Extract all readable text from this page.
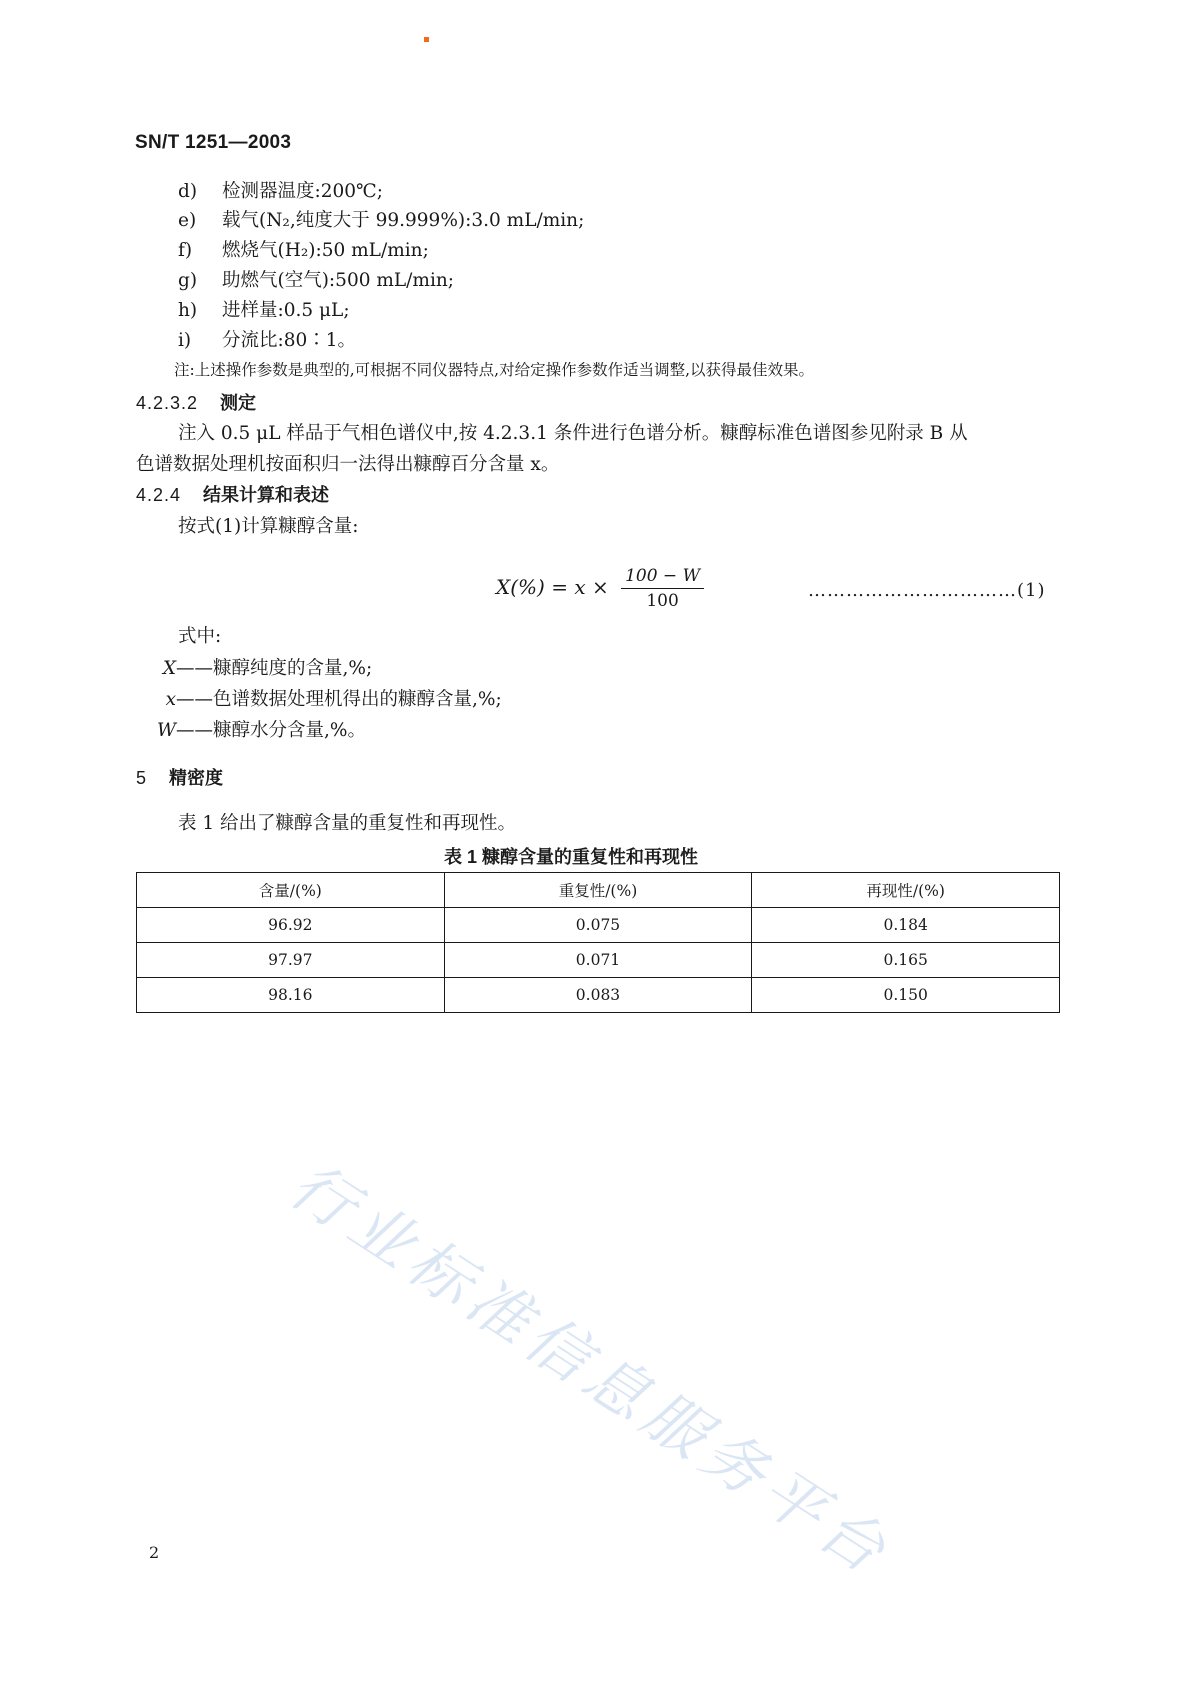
SN/T 1251—2003
d) 检测器温度:200℃;
e) 载气(N₂,纯度大于 99.999%):3.0 mL/min;
f) 燃烧气(H₂):50 mL/min;
g) 助燃气(空气):500 mL/min;
h) 进样量:0.5 μL;
i) 分流比:80∶1。
注:上述操作参数是典型的,可根据不同仪器特点,对给定操作参数作适当调整,以获得最佳效果。
4.2.3.2 测定
注入 0.5 μL 样品于气相色谱仪中,按 4.2.3.1 条件进行色谱分析。糠醇标准色谱图参见附录 B 从
色谱数据处理机按面积归一法得出糠醇百分含量 x。
4.2.4 结果计算和表述
按式(1)计算糠醇含量:
$X(\%) = x \times \frac{100 - W}{100}$	……………………………(1)
式中:
X——糠醇纯度的含量,%;
x——色谱数据处理机得出的糠醇含量,%;
W——糠醇水分含量,%。
5 精密度
表 1 给出了糠醇含量的重复性和再现性。
表 1 糠醇含量的重复性和再现性
含量/(%)	重复性/(%)	再现性/(%)
96.92	0.075	0.184
97.97	0.071	0.165
98.16	0.083	0.150
行业标准信息服务平台
2
